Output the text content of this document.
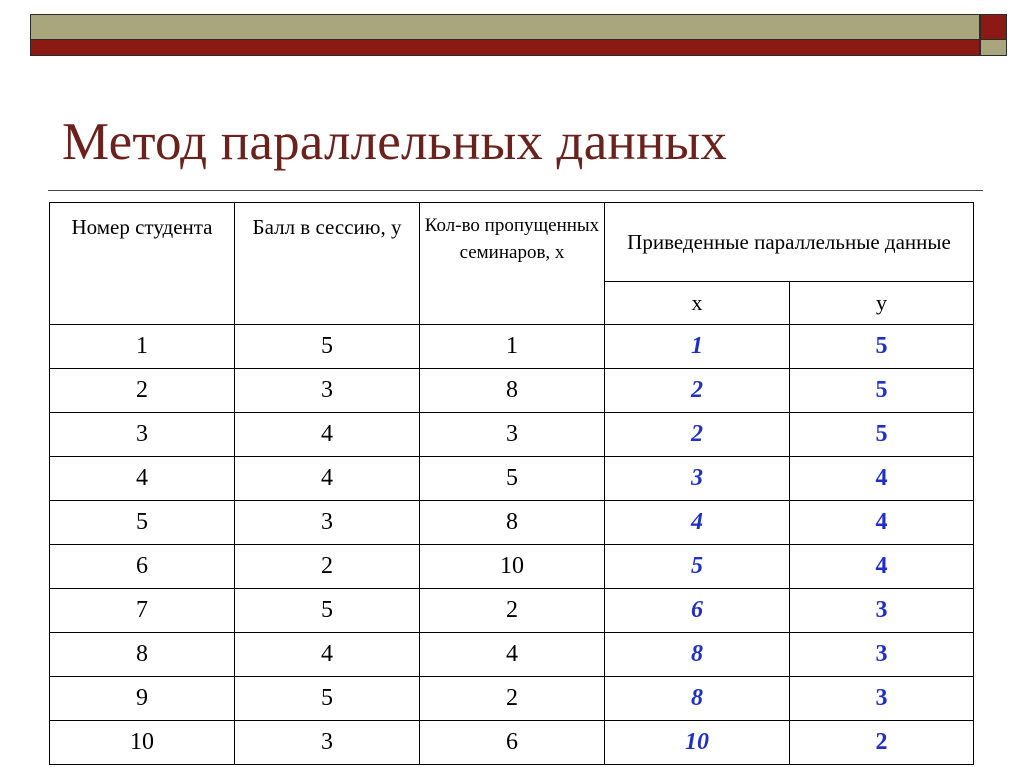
Метод параллельных данных
Номер студента	Балл в сессию, у	Кол-во пропущенных семинаров, х	Приведенные параллельные данные	
			х	у
1	5	1	1	5
2	3	8	2	5
3	4	3	2	5
4	4	5	3	4
5	3	8	4	4
6	2	10	5	4
7	5	2	6	3
8	4	4	8	3
9	5	2	8	3
10	3	6	10	2
